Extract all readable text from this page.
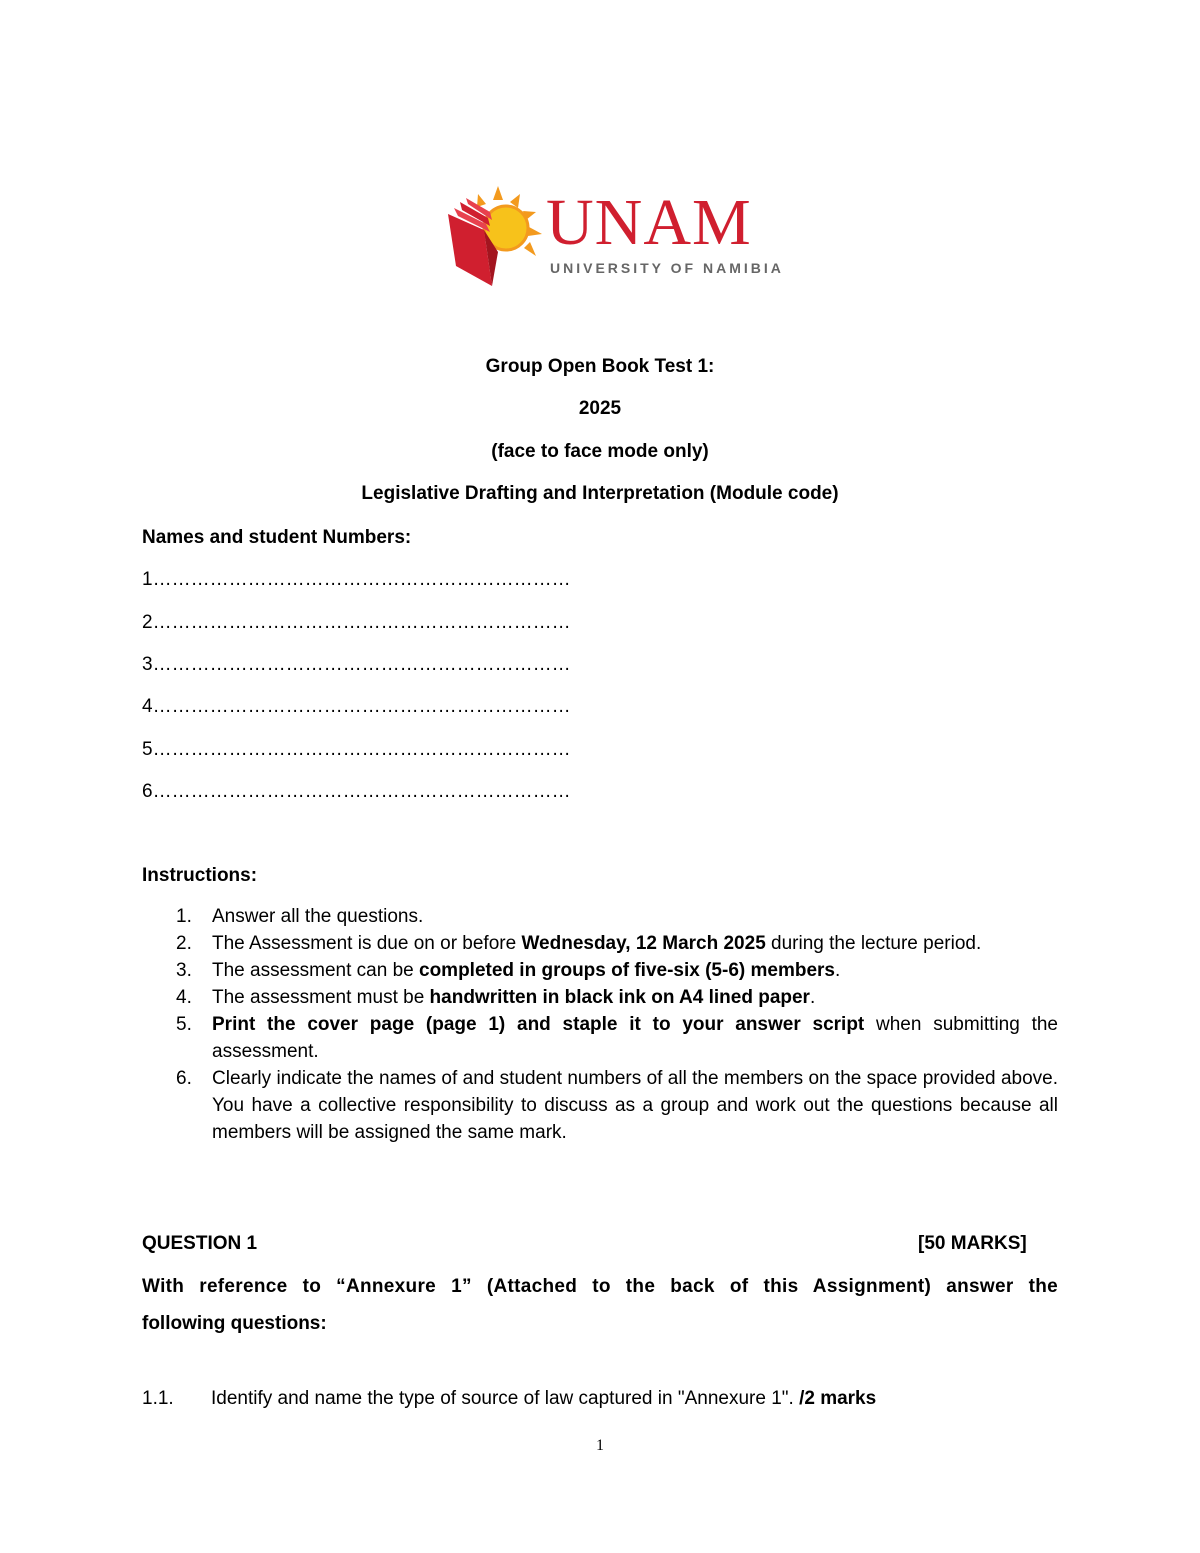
UNAM
UNIVERSITY OF NAMIBIA
Group Open Book Test 1:
2025
(face to face mode only)
Legislative Drafting and Interpretation (Module code)
Names and student Numbers:
1…………………………………………………………
2…………………………………………………………
3…………………………………………………………
4…………………………………………………………
5…………………………………………………………
6…………………………………………………………
Instructions:
1. Answer all the questions.
2. The Assessment is due on or before Wednesday, 12 March 2025 during the lecture period.
3. The assessment can be completed in groups of five-six (5-6) members.
4. The assessment must be handwritten in black ink on A4 lined paper.
5. Print the cover page (page 1) and staple it to your answer script when submitting the assessment.
6. Clearly indicate the names of and student numbers of all the members on the space provided above. You have a collective responsibility to discuss as a group and work out the questions because all members will be assigned the same mark.
QUESTION 1	[50 MARKS]
With reference to “Annexure 1” (Attached to the back of this Assignment) answer the
following questions:
1.1. Identify and name the type of source of law captured in "Annexure 1". /2 marks
1
